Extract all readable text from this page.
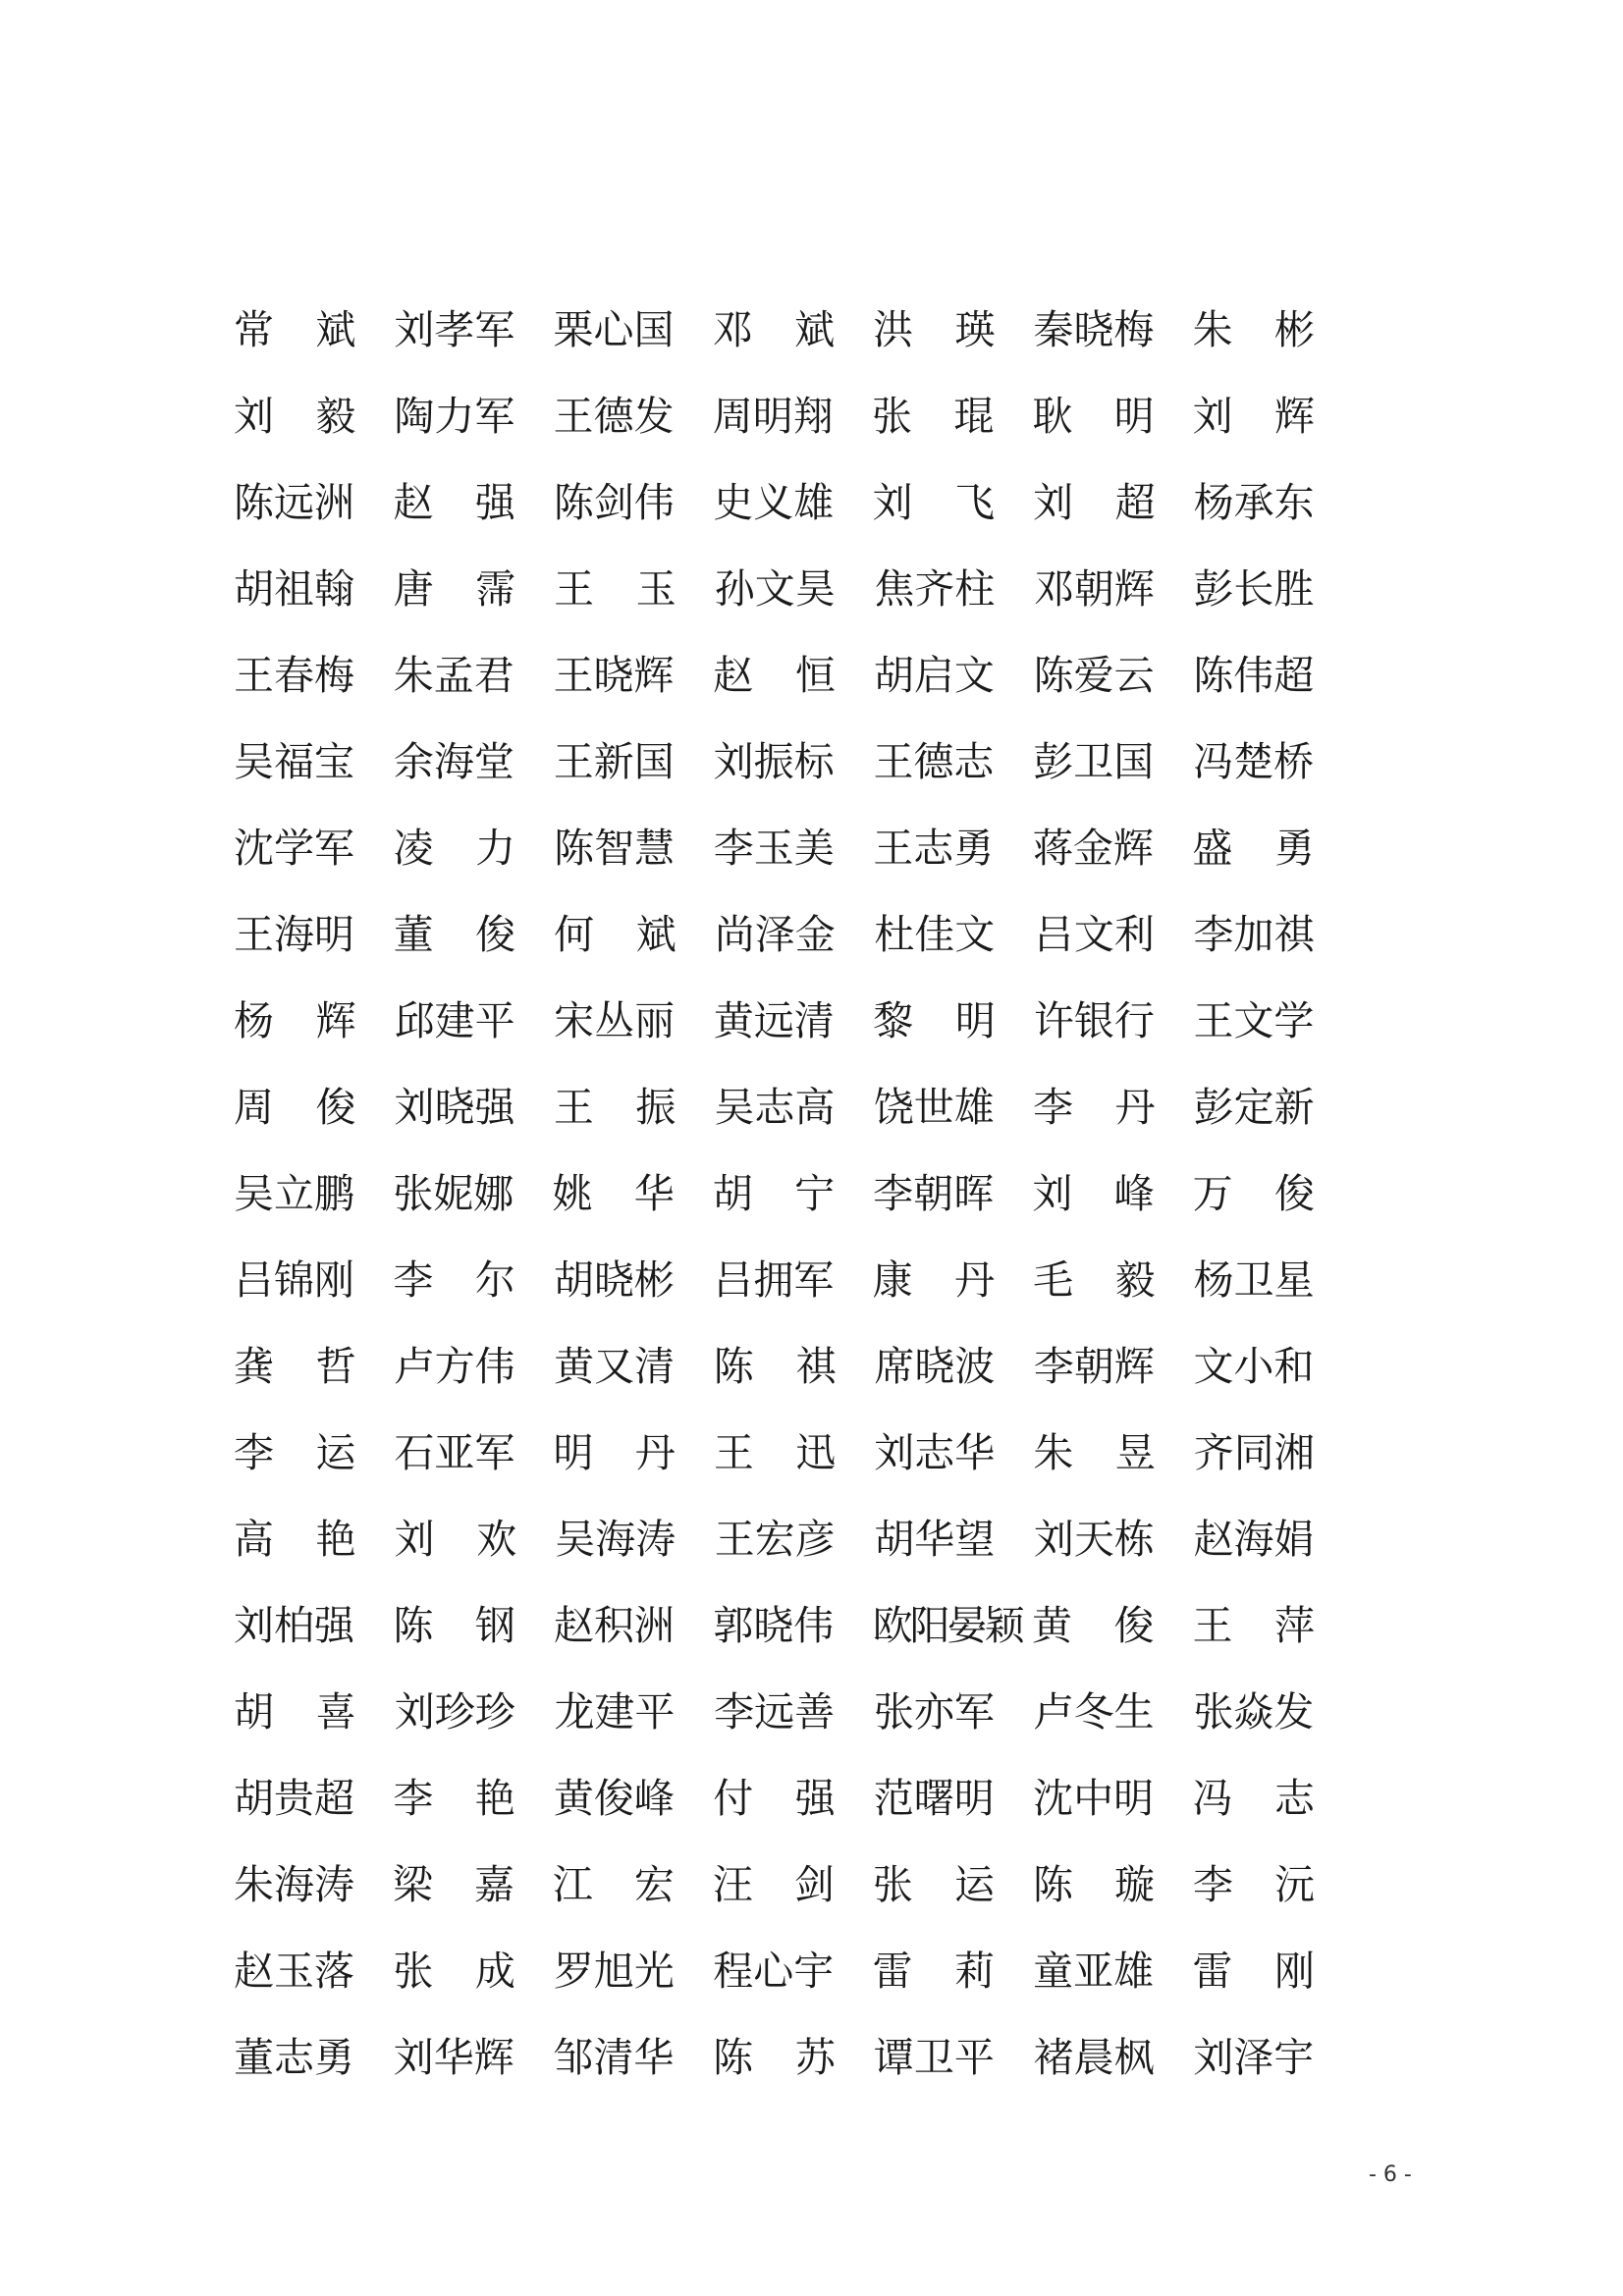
常 斌 刘孝军 栗心国 邓 斌 洪 瑛 秦晓梅 朱 彬
刘 毅 陶力军 王德发 周明翔 张 琨 耿 明 刘 辉
陈远洲 赵 强 陈剑伟 史义雄 刘 飞 刘 超 杨承东
胡祖翰 唐 霈 王 玉 孙文昊 焦齐柱 邓朝辉 彭长胜
王春梅 朱孟君 王晓辉 赵 恒 胡启文 陈爱云 陈伟超
吴福宝 余海堂 王新国 刘振标 王德志 彭卫国 冯楚桥
沈学军 凌 力 陈智慧 李玉美 王志勇 蒋金辉 盛 勇
王海明 董 俊 何 斌 尚泽金 杜佳文 吕文利 李加祺
杨 辉 邱建平 宋丛丽 黄远清 黎 明 许银行 王文学
周 俊 刘晓强 王 振 吴志高 饶世雄 李 丹 彭定新
吴立鹏 张妮娜 姚 华 胡 宁 李朝晖 刘 峰 万 俊
吕锦刚 李 尔 胡晓彬 吕拥军 康 丹 毛 毅 杨卫星
龚 哲 卢方伟 黄又清 陈 祺 席晓波 李朝辉 文小和
李 运 石亚军 明 丹 王 迅 刘志华 朱 昱 齐同湘
高 艳 刘 欢 吴海涛 王宏彦 胡华望 刘天栋 赵海娟
刘柏强 陈 钢 赵积洲 郭晓伟 欧阳晏颖 黄 俊 王 萍
胡 喜 刘珍珍 龙建平 李远善 张亦军 卢冬生 张焱发
胡贵超 李 艳 黄俊峰 付 强 范曙明 沈中明 冯 志
朱海涛 梁 嘉 江 宏 汪 剑 张 运 陈 璇 李 沅
赵玉落 张 成 罗旭光 程心宇 雷 莉 童亚雄 雷 刚
董志勇 刘华辉 邹清华 陈 苏 谭卫平 褚晨枫 刘泽宇
- 6 -
